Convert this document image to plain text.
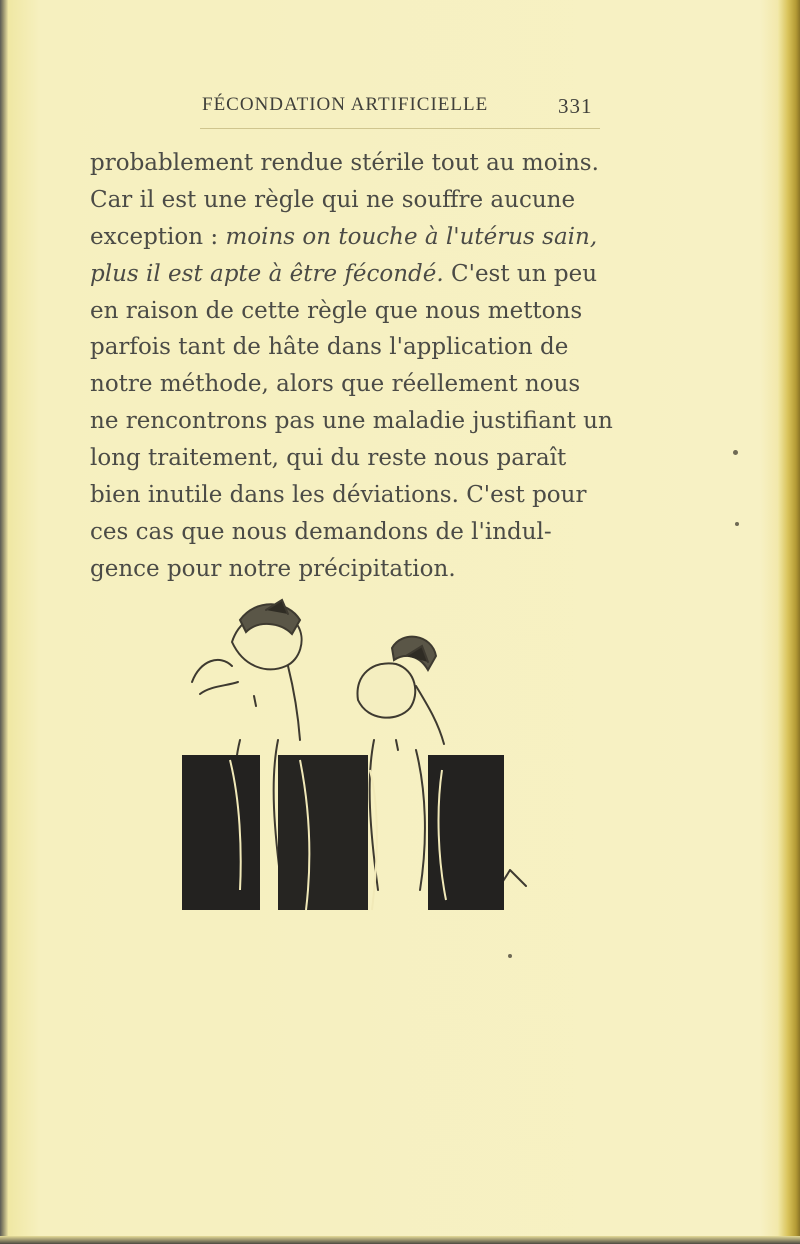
FÉCONDATION ARTIFICIELLE	331
probablement rendue stérile tout au moins.
Car il est une règle qui ne souffre aucune
exception : moins on touche à l'utérus sain,
plus il est apte à être fécondé. C'est un peu
en raison de cette règle que nous mettons
parfois tant de hâte dans l'application de
notre méthode, alors que réellement nous
ne rencontrons pas une maladie justifiant un
long traitement, qui du reste nous paraît
bien inutile dans les déviations. C'est pour
ces cas que nous demandons de l'indul-
gence pour notre précipitation.
